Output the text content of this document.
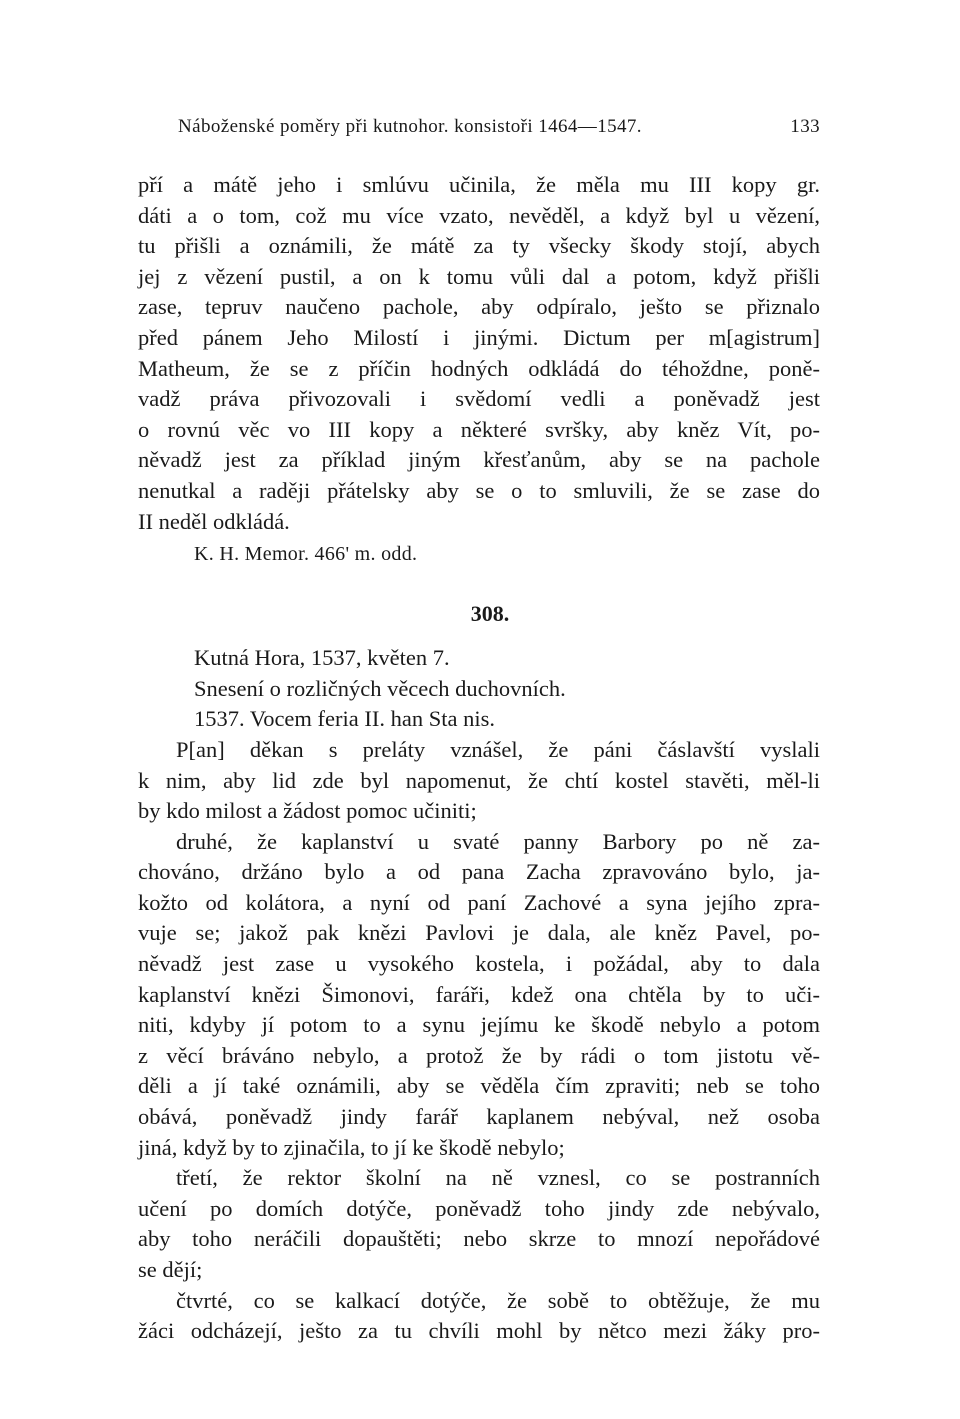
Náboženské poměry při kutnohor. konsistoři 1464—1547.	133
pří a mátě jeho i smlúvu učinila, že měla mu III kopy gr.
dáti a o tom, což mu více vzato, nevěděl, a když byl u vězení,
tu přišli a oznámili, že mátě za ty všecky škody stojí, abych
jej z vězení pustil, a on k tomu vůli dal a potom, když přišli
zase, tepruv naučeno pachole, aby odpíralo, ješto se přiznalo
před pánem Jeho Milostí i jinými. Dictum per m[agistrum]
Matheum, že se z příčin hodných odkládá do téhoždne, poně-
vadž práva přivozovali i svědomí vedli a poněvadž jest
o rovnú věc vo III kopy a některé svršky, aby kněz Vít, po-
něvadž jest za příklad jiným křesťanům, aby se na pachole
nenutkal a raději přátelsky aby se o to smluvili, že se zase do
II neděl odkládá.
K. H. Memor. 466' m. odd.
308.
Kutná Hora, 1537, květen 7.
Snesení o rozličných věcech duchovních.
1537. Vocem feria II. han Sta nis.
P[an] děkan s preláty vznášel, že páni čáslavští vyslali
k nim, aby lid zde byl napomenut, že chtí kostel stavěti, měl-li
by kdo milost a žádost pomoc učiniti;
druhé, že kaplanství u svaté panny Barbory po ně za-
chováno, držáno bylo a od pana Zacha zpravováno bylo, ja-
kožto od kolátora, a nyní od paní Zachové a syna jejího zpra-
vuje se; jakož pak knězi Pavlovi je dala, ale kněz Pavel, po-
něvadž jest zase u vysokého kostela, i požádal, aby to dala
kaplanství knězi Šimonovi, faráři, kdež ona chtěla by to uči-
niti, kdyby jí potom to a synu jejímu ke škodě nebylo a potom
z věcí bráváno nebylo, a protož že by rádi o tom jistotu vě-
děli a jí také oznámili, aby se věděla čím zpraviti; neb se toho
obává, poněvadž jindy farář kaplanem nebýval, než osoba
jiná, když by to zjinačila, to jí ke škodě nebylo;
třetí, že rektor školní na ně vznesl, co se postranních
učení po domích dotýče, poněvadž toho jindy zde nebývalo,
aby toho neráčili dopauštěti; nebo skrze to mnozí nepořádové
se dějí;
čtvrté, co se kalkací dotýče, že sobě to obtěžuje, že mu
žáci odcházejí, ješto za tu chvíli mohl by nětco mezi žáky pro-
